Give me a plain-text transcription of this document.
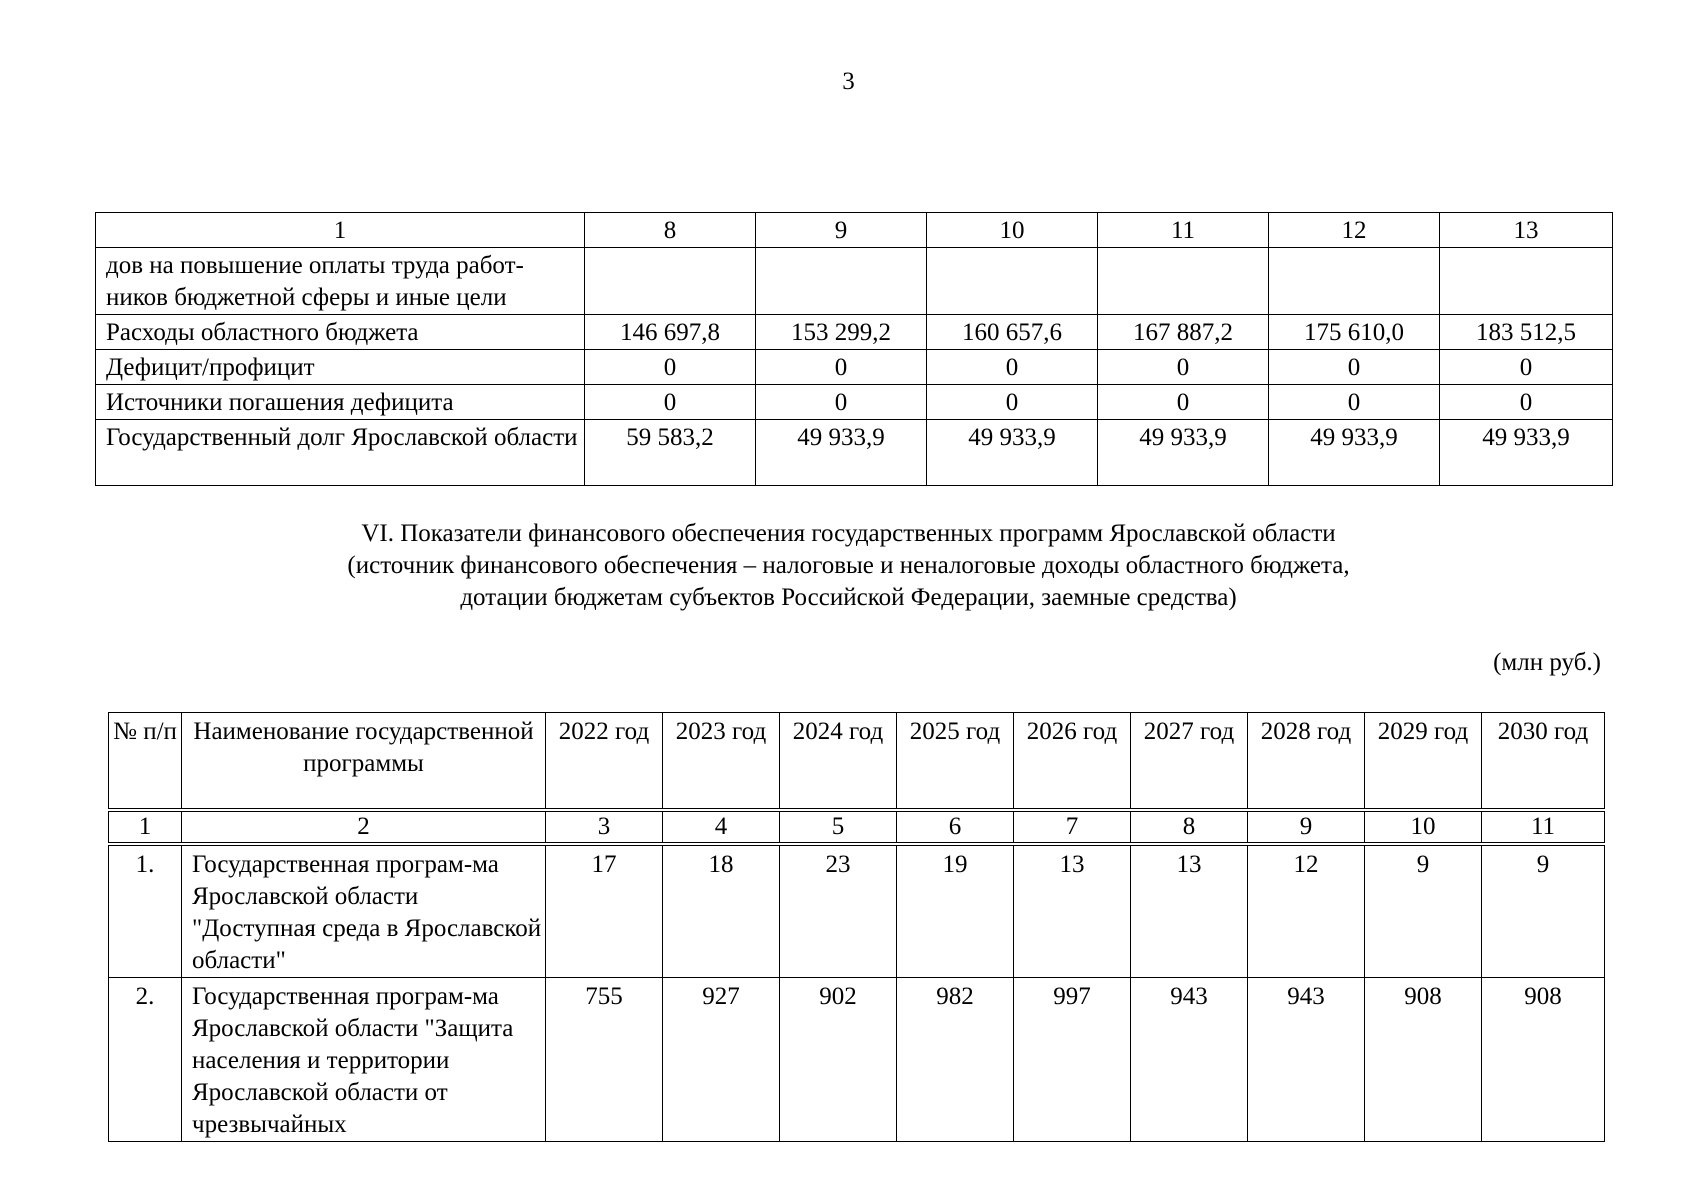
3
1	8	9	10	11	12	13
дов на повышение оплаты труда работ-ников бюджетной сферы и иные цели						
Расходы областного бюджета	146 697,8	153 299,2	160 657,6	167 887,2	175 610,0	183 512,5
Дефицит/профицит	0	0	0	0	0	0
Источники погашения дефицита	0	0	0	0	0	0
Государственный долг Ярославской области	59 583,2	49 933,9	49 933,9	49 933,9	49 933,9	49 933,9
VI. Показатели финансового обеспечения государственных программ Ярославской области
(источник финансового обеспечения – налоговые и неналоговые доходы областного бюджета,
дотации бюджетам субъектов Российской Федерации, заемные средства)
(млн руб.)
№ п/п	Наименование государственной программы	2022 год	2023 год	2024 год	2025 год	2026 год	2027 год	2028 год	2029 год	2030 год
1	2	3	4	5	6	7	8	9	10	11
1.	Государственная програм-ма Ярославской области "Доступная среда в Ярославской области"	17	18	23	19	13	13	12	9	9
2.	Государственная програм-ма Ярославской области "Защита населения и территории Ярославской области от чрезвычайных	755	927	902	982	997	943	943	908	908
